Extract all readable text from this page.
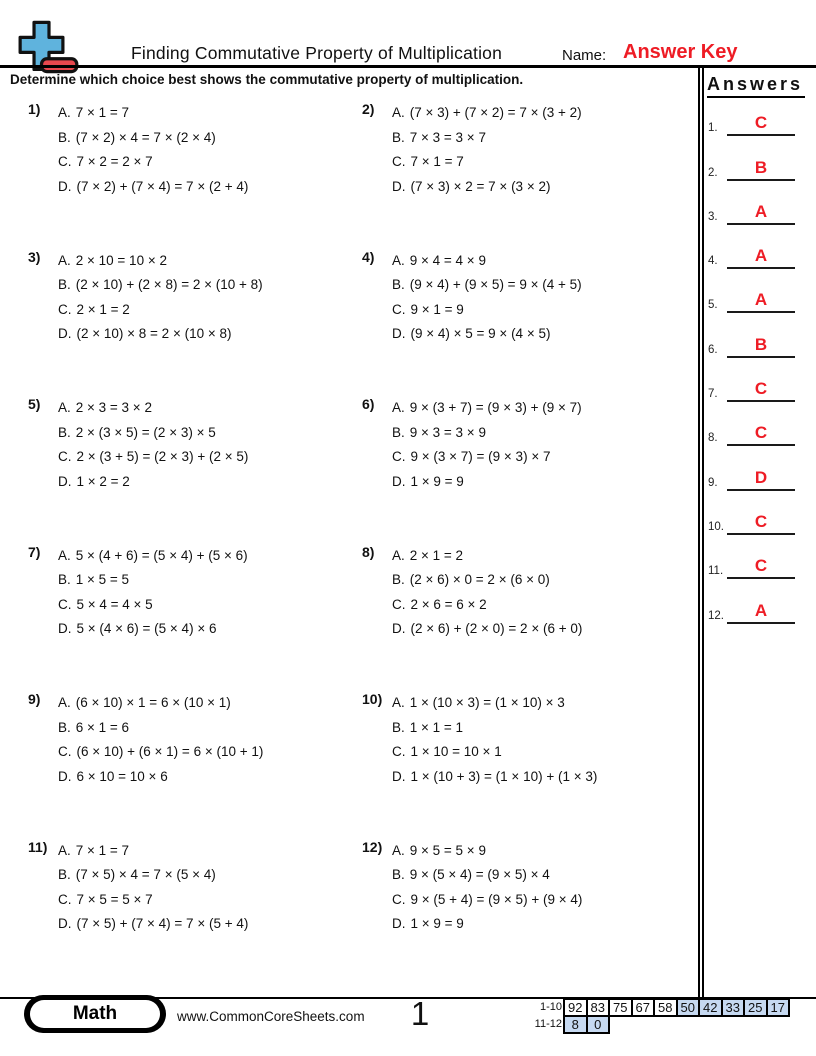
Finding Commutative Property of Multiplication	Name: Answer Key
Determine which choice best shows the commutative property of multiplication.	Answers
1.	C
2.	B
3.	A
4.	A
5.	A
6.	B
7.	C
8.	C
9.	D
10.	C
11.	C
12.	A
1) A. 7 × 1 = 7
B. (7 × 2) × 4 = 7 × (2 × 4)
C. 7 × 2 = 2 × 7
D. (7 × 2) + (7 × 4) = 7 × (2 + 4)
2) A. (7 × 3) + (7 × 2) = 7 × (3 + 2)
B. 7 × 3 = 3 × 7
C. 7 × 1 = 7
D. (7 × 3) × 2 = 7 × (3 × 2)
3) A. 2 × 10 = 10 × 2
B. (2 × 10) + (2 × 8) = 2 × (10 + 8)
C. 2 × 1 = 2
D. (2 × 10) × 8 = 2 × (10 × 8)
4) A. 9 × 4 = 4 × 9
B. (9 × 4) + (9 × 5) = 9 × (4 + 5)
C. 9 × 1 = 9
D. (9 × 4) × 5 = 9 × (4 × 5)
5) A. 2 × 3 = 3 × 2
B. 2 × (3 × 5) = (2 × 3) × 5
C. 2 × (3 + 5) = (2 × 3) + (2 × 5)
D. 1 × 2 = 2
6) A. 9 × (3 + 7) = (9 × 3) + (9 × 7)
B. 9 × 3 = 3 × 9
C. 9 × (3 × 7) = (9 × 3) × 7
D. 1 × 9 = 9
7) A. 5 × (4 + 6) = (5 × 4) + (5 × 6)
B. 1 × 5 = 5
C. 5 × 4 = 4 × 5
D. 5 × (4 × 6) = (5 × 4) × 6
8) A. 2 × 1 = 2
B. (2 × 6) × 0 = 2 × (6 × 0)
C. 2 × 6 = 6 × 2
D. (2 × 6) + (2 × 0) = 2 × (6 + 0)
9) A. (6 × 10) × 1 = 6 × (10 × 1)
B. 6 × 1 = 6
C. (6 × 10) + (6 × 1) = 6 × (10 + 1)
D. 6 × 10 = 10 × 6
10) A. 1 × (10 × 3) = (1 × 10) × 3
B. 1 × 1 = 1
C. 1 × 10 = 10 × 1
D. 1 × (10 + 3) = (1 × 10) + (1 × 3)
11) A. 7 × 1 = 7
B. (7 × 5) × 4 = 7 × (5 × 4)
C. 7 × 5 = 5 × 7
D. (7 × 5) + (7 × 4) = 7 × (5 + 4)
12) A. 9 × 5 = 5 × 9
B. 9 × (5 × 4) = (9 × 5) × 4
C. 9 × (5 + 4) = (9 × 5) + (9 × 4)
D. 1 × 9 = 9
Math	www.CommonCoreSheets.com	1	1-10 92 83 75 67 58 50 42 33 25 17
11-12 8	0
